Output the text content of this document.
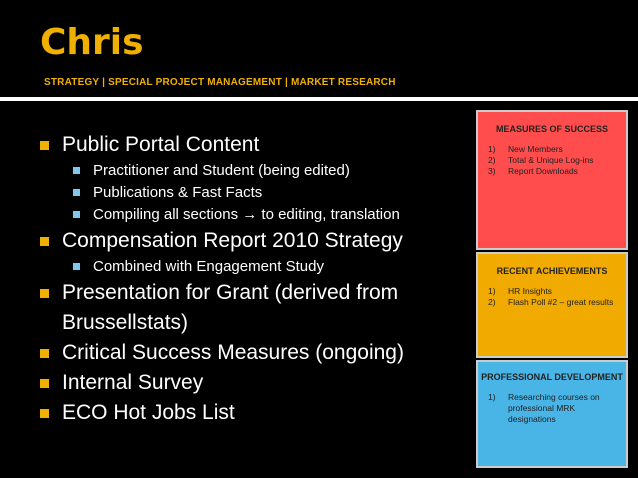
Chris
STRATEGY | SPECIAL PROJECT MANAGEMENT | MARKET RESEARCH
Public Portal Content
Practitioner and Student (being edited)
Publications & Fast Facts
Compiling all sections → to editing, translation
Compensation Report 2010 Strategy
Combined with Engagement Study
Presentation for Grant (derived from
Brussellstats)
Critical Success Measures (ongoing)
Internal Survey
ECO Hot Jobs List
MEASURES OF SUCCESS
1) New Members
2) Total & Unique Log-ins
3) Report Downloads
RECENT ACHIEVEMENTS
1) HR Insights
2) Flash Poll #2 – great results
PROFESSIONAL DEVELOPMENT
1) Researching courses on professional MRK designations
